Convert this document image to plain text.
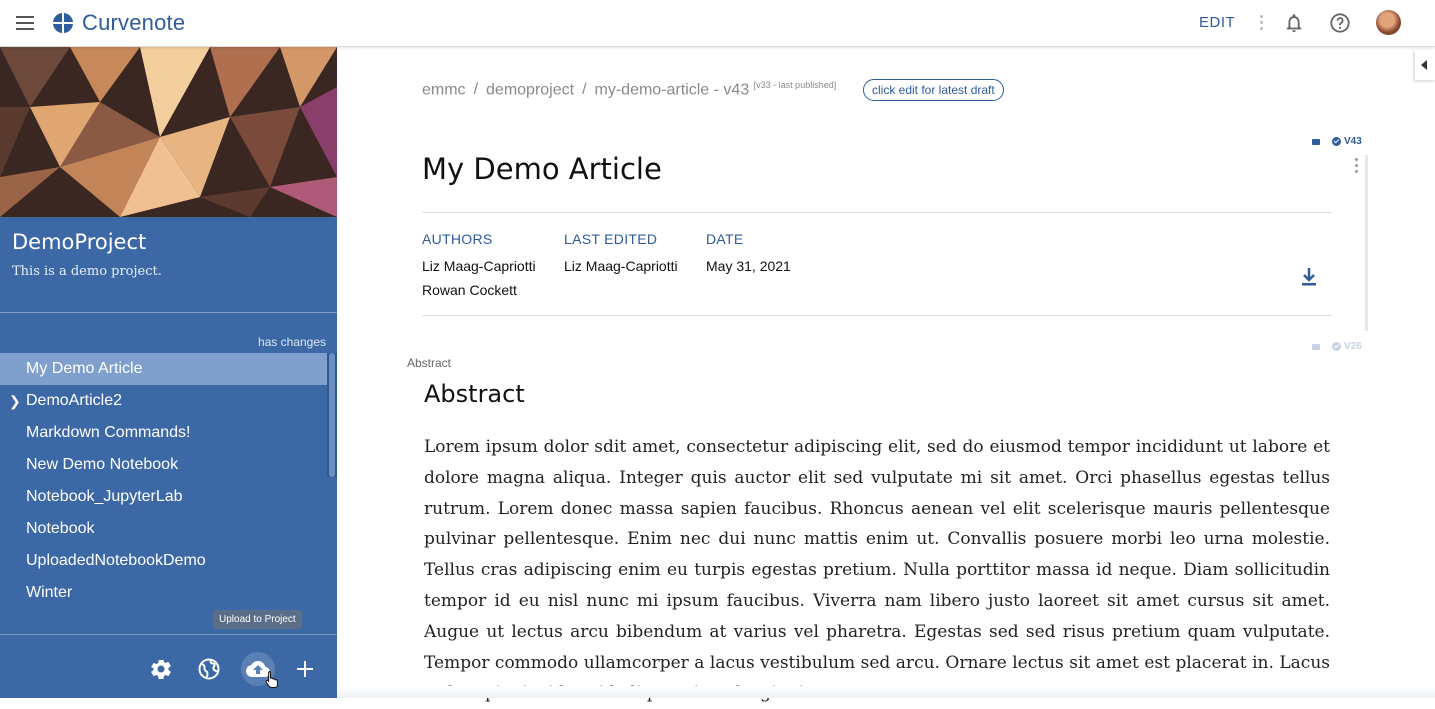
Curvenote	EDIT
DemoProject
This is a demo project.
has changes
My Demo Article
❯ DemoArticle2
Markdown Commands!
New Demo Notebook
Notebook_JupyterLab
Notebook
UploadedNotebookDemo
Winter
Upload to Project
emmc / demoproject / my-demo-article - v43 [v33 - last published]	click edit for latest draft
V43
My Demo Article
AUTHORS
Liz Maag-Capriotti
Rowan Cockett
LAST EDITED
Liz Maag-Capriotti
DATE
May 31, 2021
V26
Abstract
Abstract
Lorem ipsum dolor sdit amet, consectetur adipiscing elit, sed do eiusmod tempor incididunt ut labore et dolore magna aliqua. Integer quis auctor elit sed vulputate mi sit amet. Orci phasellus egestas tellus rutrum. Lorem donec massa sapien faucibus. Rhoncus aenean vel elit scelerisque mauris pellentesque pulvinar pellentesque. Enim nec dui nunc mattis enim ut. Convallis posuere morbi leo urna molestie. Tellus cras adipiscing enim eu turpis egestas pretium. Nulla porttitor massa id neque. Diam sollicitudin tempor id eu nisl nunc mi ipsum faucibus. Viverra nam libero justo laoreet sit amet cursus sit amet. Augue ut lectus arcu bibendum at varius vel pharetra. Egestas sed sed risus pretium quam vulputate. Tempor commodo ullamcorper a lacus vestibulum sed arcu. Ornare lectus sit amet est placerat in. Lacus
